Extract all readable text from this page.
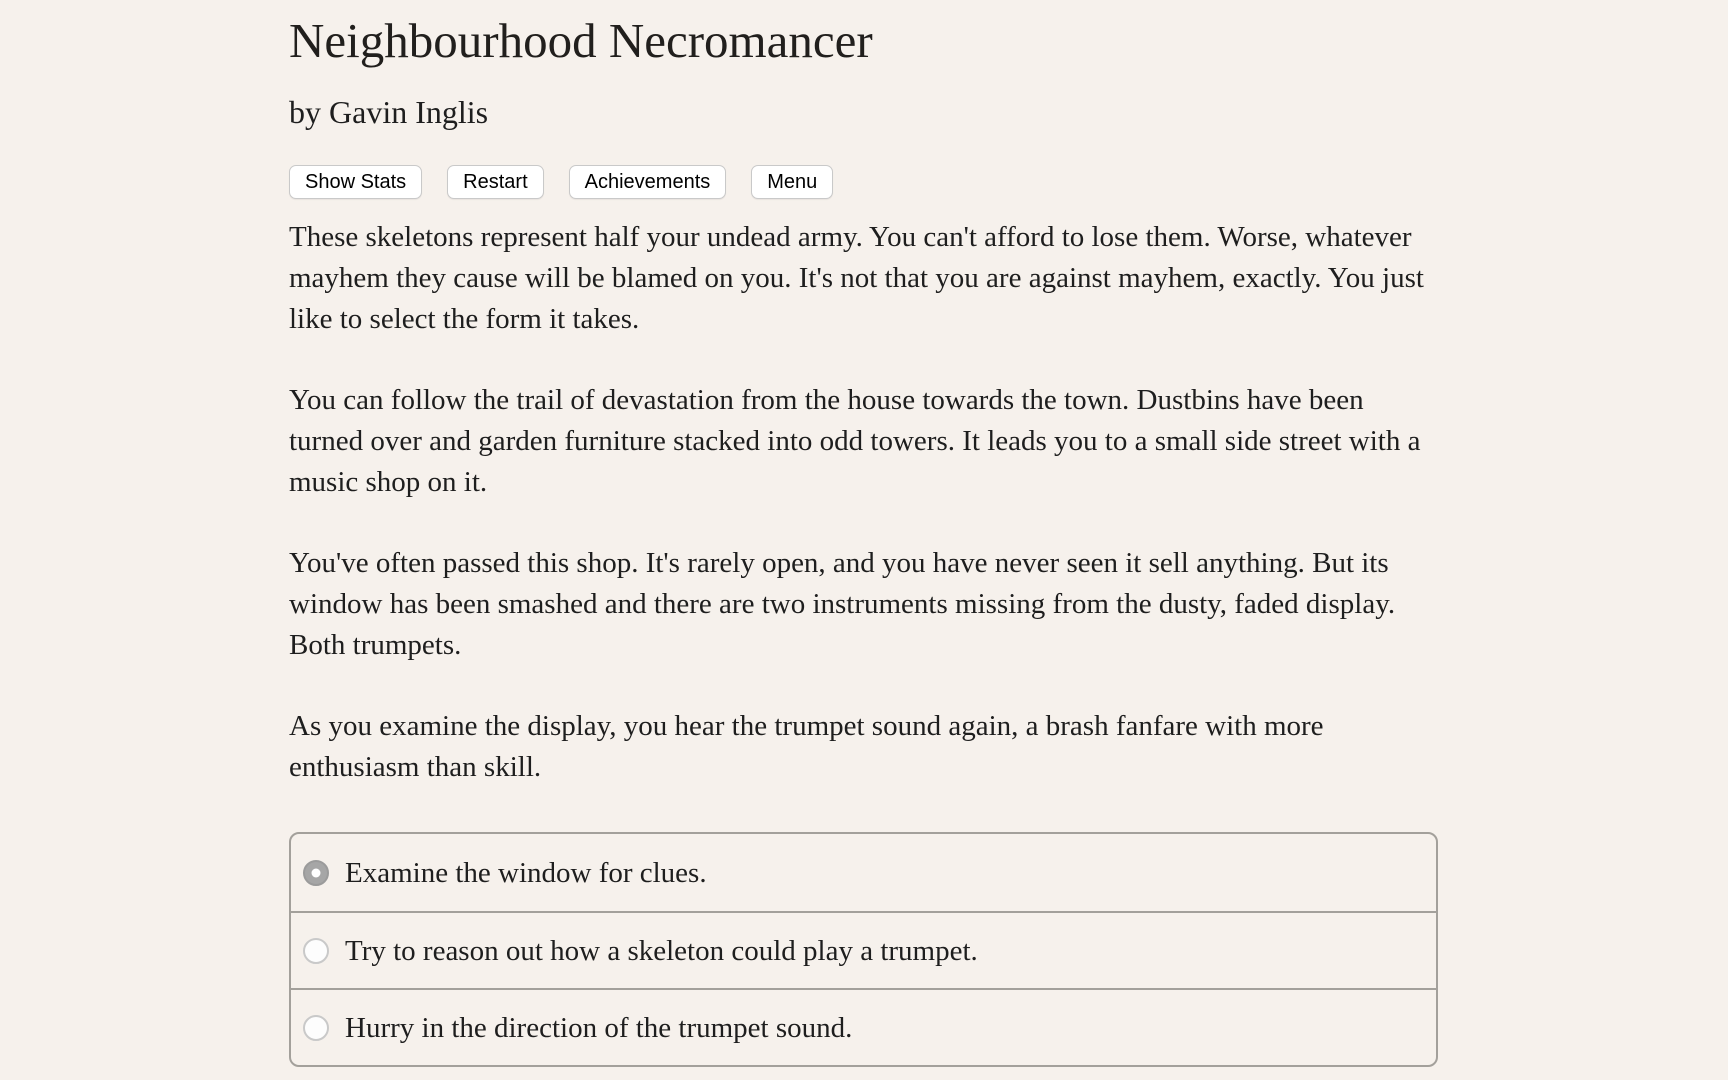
Neighbourhood Necromancer
by Gavin Inglis
Show Stats	Restart	Achievements	Menu

These skeletons represent half your undead army. You can't afford to lose them. Worse, whatever mayhem they cause will be blamed on you. It's not that you are against mayhem, exactly. You just like to select the form it takes.

You can follow the trail of devastation from the house towards the town. Dustbins have been turned over and garden furniture stacked into odd towers. It leads you to a small side street with a music shop on it.

You've often passed this shop. It's rarely open, and you have never seen it sell anything. But its window has been smashed and there are two instruments missing from the dusty, faded display. Both trumpets.

As you examine the display, you hear the trumpet sound again, a brash fanfare with more enthusiasm than skill.

Examine the window for clues.
Try to reason out how a skeleton could play a trumpet.
Hurry in the direction of the trumpet sound.
